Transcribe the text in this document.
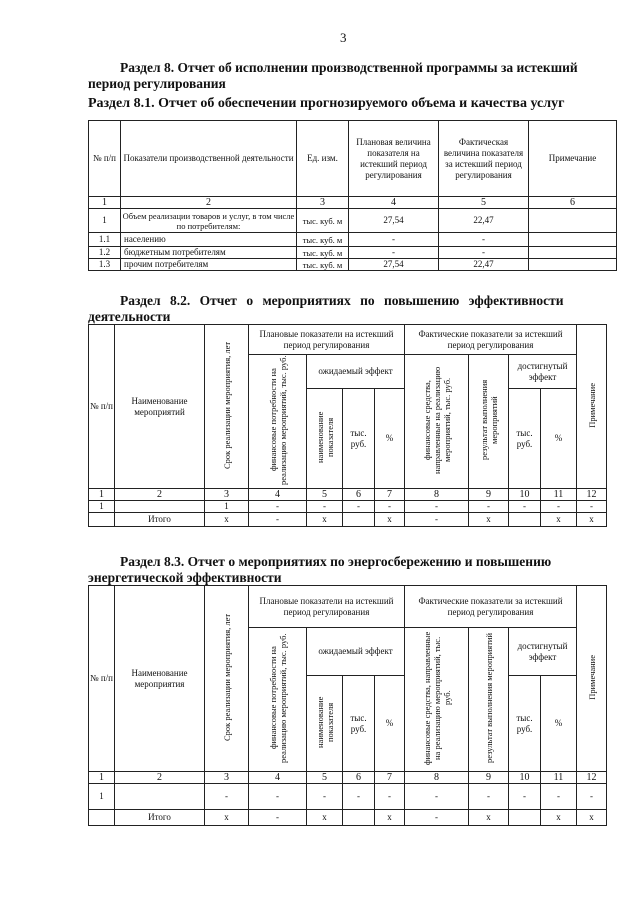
3
Раздел 8. Отчет об исполнении производственной программы за истекший
период регулирования
Раздел 8.1. Отчет об обеспечении прогнозируемого объема и качества услуг
№ п/п	Показатели производственной деятельности	Ед. изм.	Плановая величина показателя на истекший период регулирования	Фактическая величина показателя за истекший период регулирования	Примечание
1	2	3	4	5	6
1	Объем реализации товаров и услуг, в том числе по потребителям:	тыс. куб. м	27,54	22,47	
1.1	населению	тыс. куб. м	-	-	
1.2	бюджетным потребителям	тыс. куб. м	-	-	
1.3	прочим потребителям	тыс. куб. м	27,54	22,47	
Раздел 8.2. Отчет о мероприятиях по повышению эффективности
деятельности
№ п/п	Наименование мероприятий	Срок реализации мероприятия, лет	Плановые показатели на истекший период регулирования				Фактические показатели за истекший период регулирования				Примечание
			финансовые потребности на реализацию мероприятий, тыс. руб.	ожидаемый эффект			финансовые средства, направленные на реализацию мероприятий, тыс. руб.	результат выполнения мероприятий	достигнутый эффект		
				наименование показателя	тыс. руб.	%			тыс. руб.	%	

1	2	3	4	5	6	7	8	9	10	11	12
1		1	-	-	-	-	-	-	-	-	-
	Итого	х	-	х		х	-	х		х	х
Раздел 8.3. Отчет о мероприятиях по энергосбережению и повышению
энергетической эффективности
№ п/п	Наименование мероприятия	Срок реализации мероприятия, лет	Плановые показатели на истекший период регулирования				Фактические показатели за истекший период регулирования				Примечание
			финансовые потребности на реализацию мероприятий, тыс. руб.	ожидаемый эффект			финансовые средства, направленные на реализацию мероприятий, тыс. руб.	результат выполнения мероприятий	достигнутый эффект		
				наименование показателя	тыс. руб.	%			тыс. руб.	%	

1	2	3	4	5	6	7	8	9	10	11	12
1		-	-	-	-	-	-	-	-	-	-
	Итого	х	-	х		х	-	х		х	х
